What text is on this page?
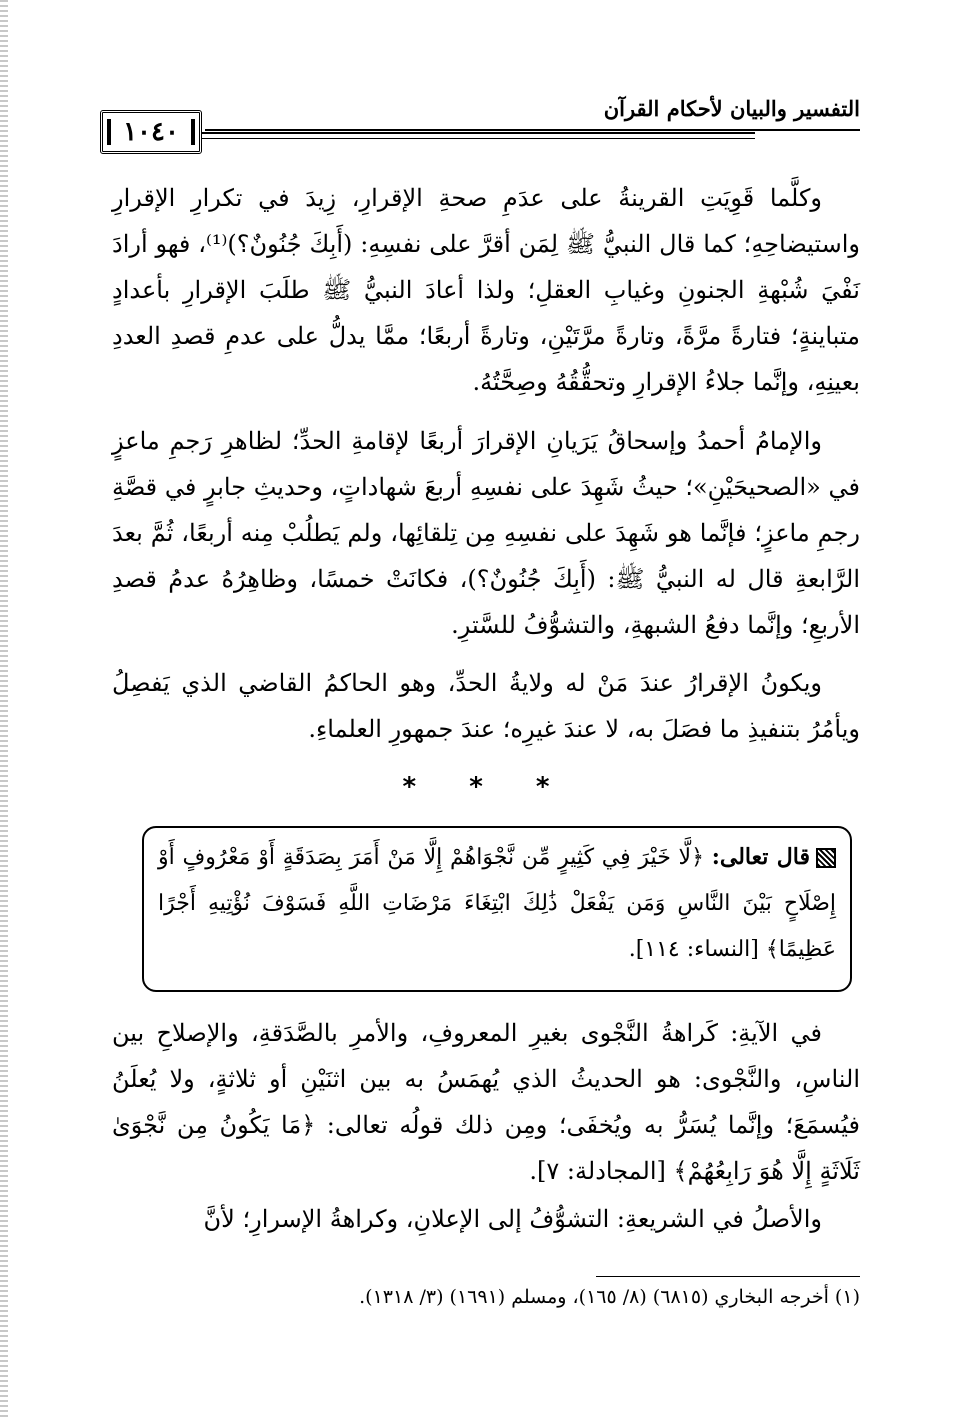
التفسير والبيان لأحكام القرآن
١٠٤٠

وكلَّما قَوِيَتِ القرينةُ على عدَمِ صحةِ الإقرارِ، زِيدَ في تكرارِ الإقرارِ واستيضاحِهِ؛ كما قال النبيُّ ﷺ لِمَن أقرَّ على نفسِهِ: (أَبِكَ جُنُونٌ؟)⁽¹⁾، فهو أرادَ نَفْيَ شُبْهةِ الجنونِ وغيابِ العقلِ؛ ولذا أعادَ النبيُّ ﷺ طلَبَ الإقرارِ بأعدادٍ متباينةٍ؛ فتارةً مرَّةً، وتارةً مرَّتَيْنِ، وتارةً أربعًا؛ ممَّا يدلُّ على عدمِ قصدِ العددِ بعينِهِ، وإنَّما جلاءُ الإقرارِ وتحقُّقُهُ وصِحَّتُهُ.

والإمامُ أحمدُ وإسحاقُ يَرَيانِ الإقرارَ أربعًا لإقامةِ الحدِّ؛ لظاهرِ رَجمِ ماعزٍ في «الصحيحَيْنِ»؛ حيثُ شَهِدَ على نفسِهِ أربعَ شهاداتٍ، وحديثِ جابرٍ في قصَّةِ رجمِ ماعزٍ؛ فإنَّما هو شَهِدَ على نفسِهِ مِن تِلقائِها، ولم يَطلُبْ مِنه أربعًا، ثُمَّ بعدَ الرَّابعةِ قال له النبيُّ ﷺ: (أَبِكَ جُنُونٌ؟)، فكانَتْ خمسًا، وظاهِرُهُ عدمُ قصدِ الأربعِ؛ وإنَّما دفعُ الشبهةِ، والتشوُّفُ للسَّترِ.

ويكونُ الإقرارُ عندَ مَنْ له ولايةُ الحدِّ، وهو الحاكمُ القاضي الذي يَفصِلُ ويأمُرُ بتنفيذِ ما فصَلَ به، لا عندَ غيرِه؛ عندَ جمهورِ العلماءِ.

* * *
قال تعالى: ﴿لَّا خَيْرَ فِي كَثِيرٍ مِّن نَّجْوَاهُمْ إِلَّا مَنْ أَمَرَ بِصَدَقَةٍ أَوْ مَعْرُوفٍ أَوْ إِصْلَاحٍ بَيْنَ النَّاسِ وَمَن يَفْعَلْ ذَٰلِكَ ابْتِغَاءَ مَرْضَاتِ اللَّهِ فَسَوْفَ نُؤْتِيهِ أَجْرًا عَظِيمًا﴾ [النساء: ١١٤].

في الآيةِ: كَراهةُ النَّجْوى بغيرِ المعروفِ، والأمرِ بالصَّدَقةِ، والإصلاحِ بين الناسِ، والنَّجْوى: هو الحديثُ الذي يُهمَسُ به بين اثنَيْنِ أو ثلاثةٍ، ولا يُعلَنُ فيُسمَعَ؛ وإنَّما يُسَرُّ به ويُخفَى؛ ومِن ذلك قولُه تعالى: ﴿مَا يَكُونُ مِن نَّجْوَىٰ ثَلَاثَةٍ إِلَّا هُوَ رَابِعُهُمْ﴾ [المجادلة: ٧].

والأصلُ في الشريعةِ: التشوُّفُ إلى الإعلانِ، وكراهةُ الإسرارِ؛ لأنَّ

(١) أخرجه البخاري (٦٨١٥) (٨/ ١٦٥)، ومسلم (١٦٩١) (٣/ ١٣١٨).
